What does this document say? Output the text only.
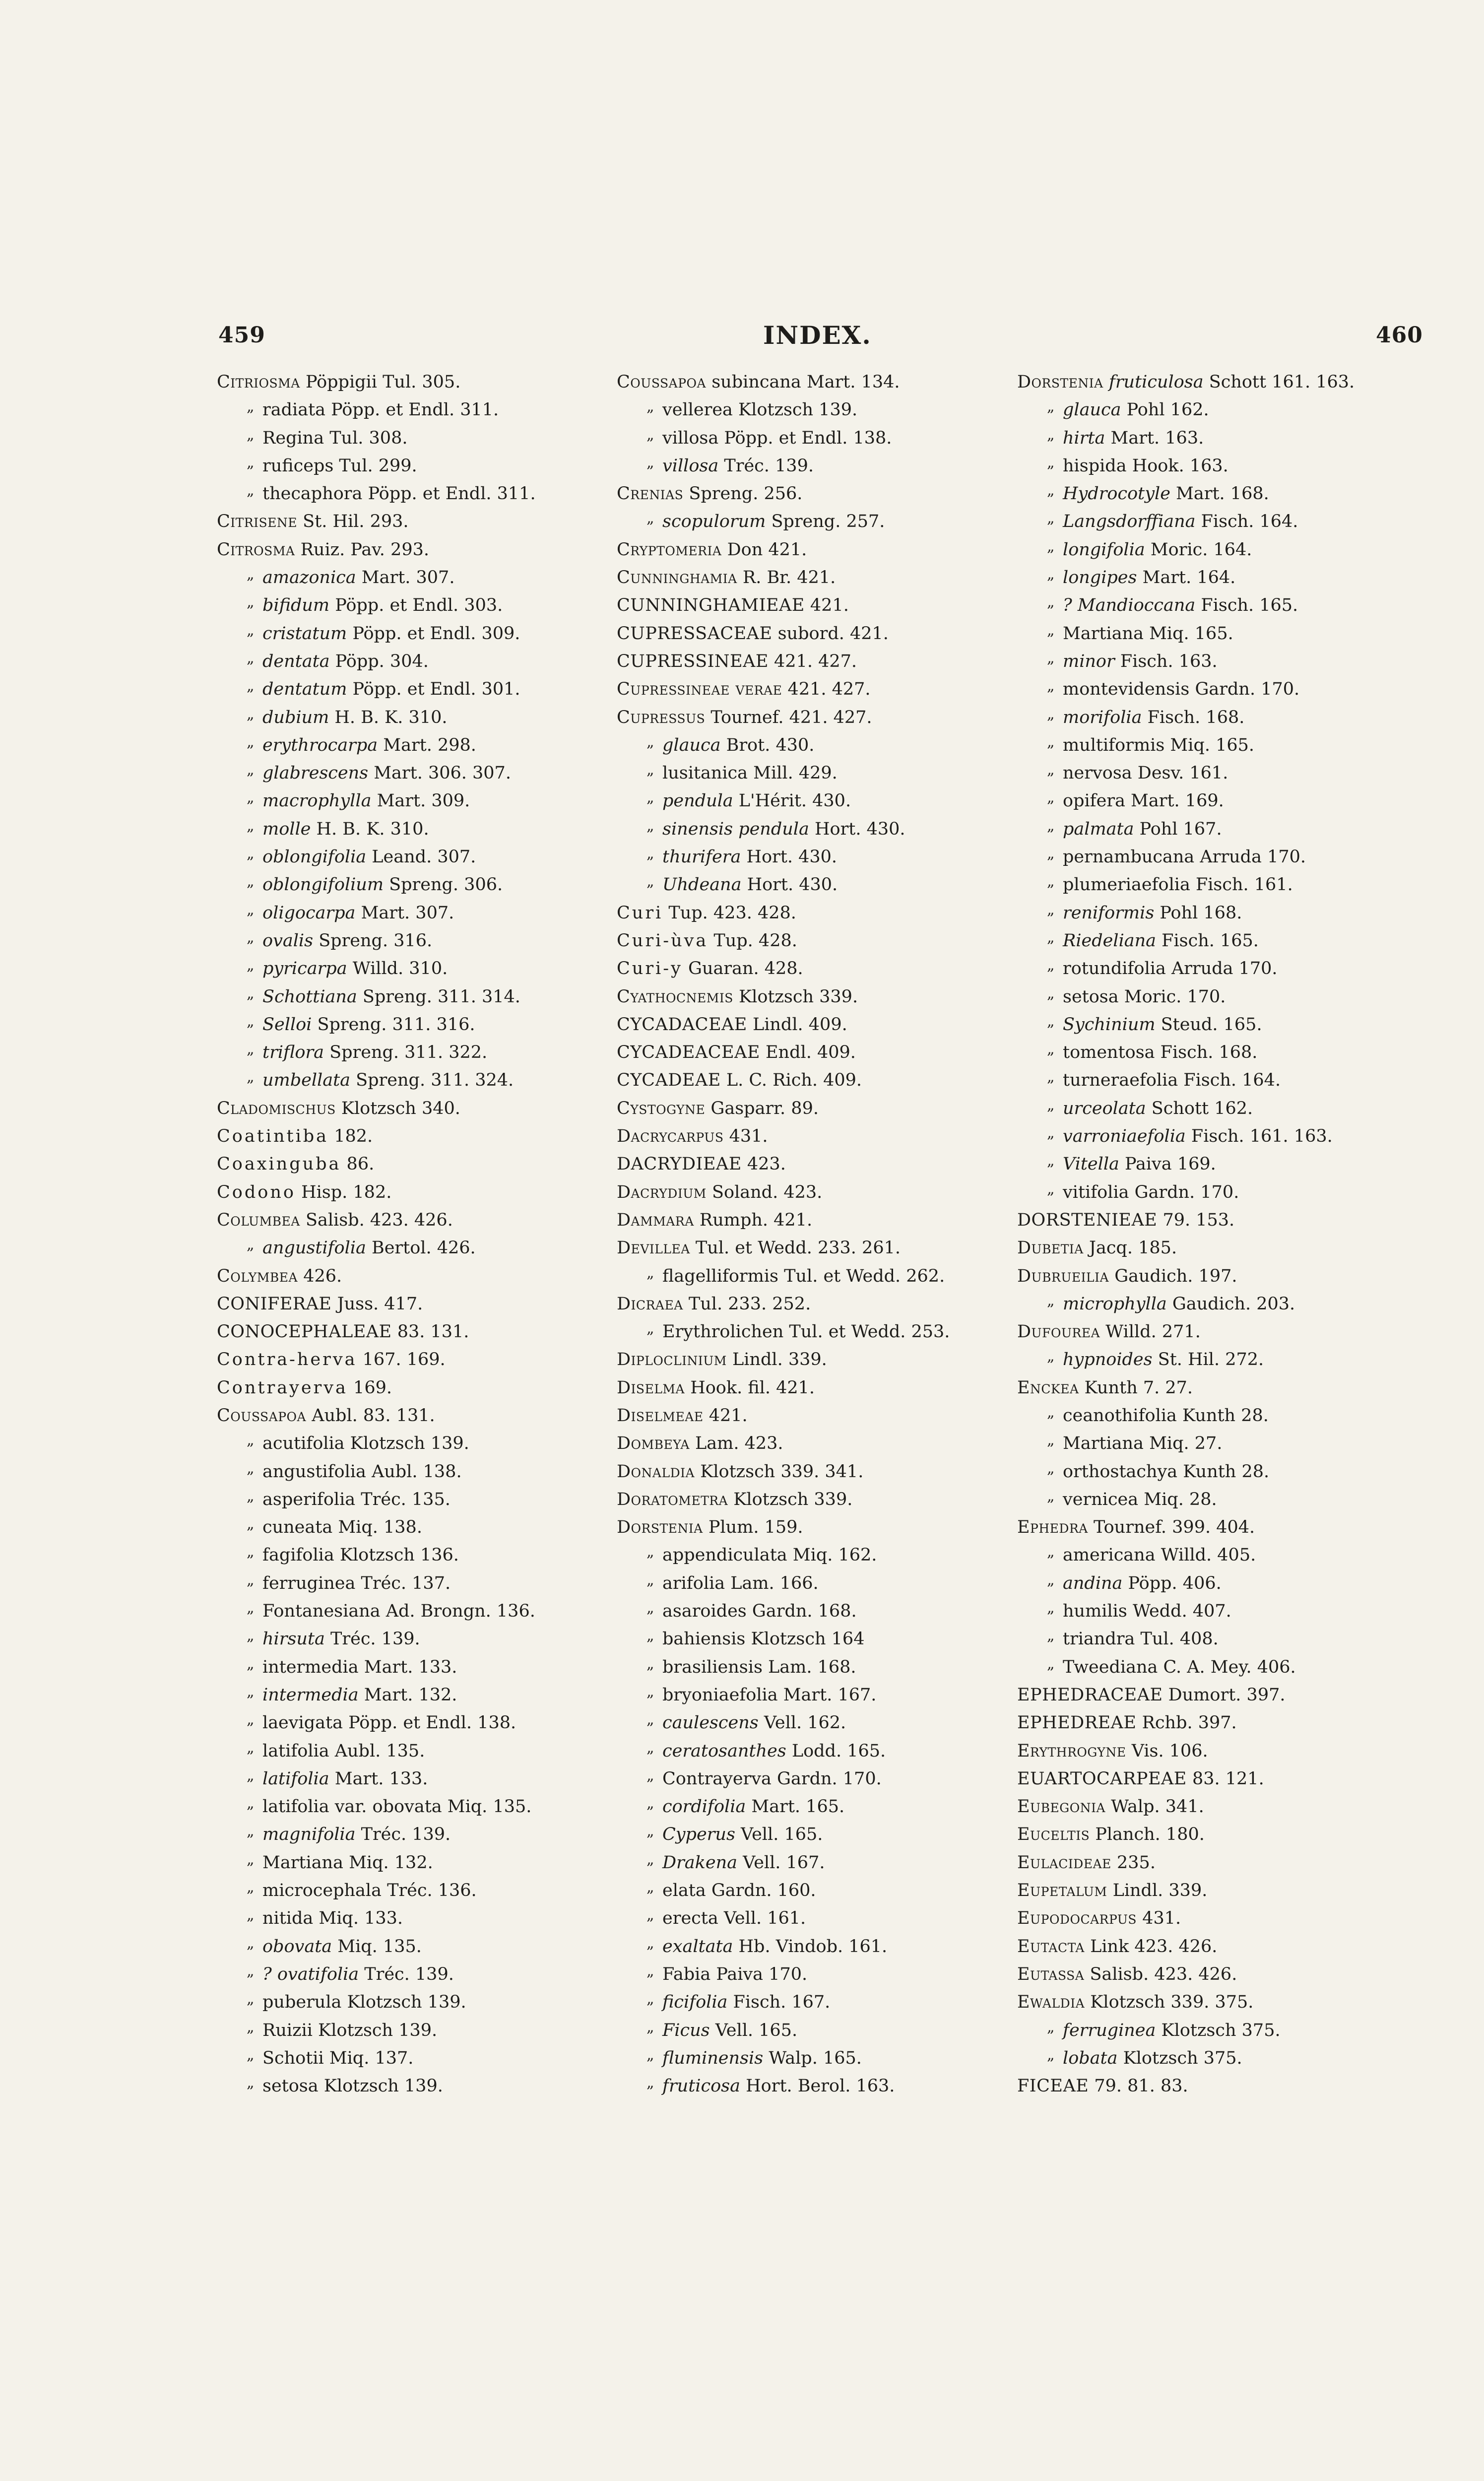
459	INDEX.	460
Citriosma Pöppigii Tul. 305.
„ radiata Pöpp. et Endl. 311.
„ Regina Tul. 308.
„ ruficeps Tul. 299.
„ thecaphora Pöpp. et Endl. 311.
Citrisene St. Hil. 293.
Citrosma Ruiz. Pav. 293.
„ amazonica Mart. 307.
„ bifidum Pöpp. et Endl. 303.
„ cristatum Pöpp. et Endl. 309.
„ dentata Pöpp. 304.
„ dentatum Pöpp. et Endl. 301.
„ dubium H. B. K. 310.
„ erythrocarpa Mart. 298.
„ glabrescens Mart. 306. 307.
„ macrophylla Mart. 309.
„ molle H. B. K. 310.
„ oblongifolia Leand. 307.
„ oblongifolium Spreng. 306.
„ oligocarpa Mart. 307.
„ ovalis Spreng. 316.
„ pyricarpa Willd. 310.
„ Schottiana Spreng. 311. 314.
„ Selloi Spreng. 311. 316.
„ triflora Spreng. 311. 322.
„ umbellata Spreng. 311. 324.
Cladomischus Klotzsch 340.
Coatintiba 182.
Coaxinguba 86.
Codono Hisp. 182.
Columbea Salisb. 423. 426.
„ angustifolia Bertol. 426.
Colymbea 426.
CONIFERAE Juss. 417.
CONOCEPHALEAE 83. 131.
Contra-herva 167. 169.
Contrayerva 169.
Coussapoa Aubl. 83. 131.
„ acutifolia Klotzsch 139.
„ angustifolia Aubl. 138.
„ asperifolia Tréc. 135.
„ cuneata Miq. 138.
„ fagifolia Klotzsch 136.
„ ferruginea Tréc. 137.
„ Fontanesiana Ad. Brongn. 136.
„ hirsuta Tréc. 139.
„ intermedia Mart. 133.
„ intermedia Mart. 132.
„ laevigata Pöpp. et Endl. 138.
„ latifolia Aubl. 135.
„ latifolia Mart. 133.
„ latifolia var. obovata Miq. 135.
„ magnifolia Tréc. 139.
„ Martiana Miq. 132.
„ microcephala Tréc. 136.
„ nitida Miq. 133.
„ obovata Miq. 135.
„ ? ovatifolia Tréc. 139.
„ puberula Klotzsch 139.
„ Ruizii Klotzsch 139.
„ Schotii Miq. 137.
„ setosa Klotzsch 139.
Coussapoa subincana Mart. 134.
„ vellerea Klotzsch 139.
„ villosa Pöpp. et Endl. 138.
„ villosa Tréc. 139.
Crenias Spreng. 256.
„ scopulorum Spreng. 257.
Cryptomeria Don 421.
Cunninghamia R. Br. 421.
CUNNINGHAMIEAE 421.
CUPRESSACEAE subord. 421.
CUPRESSINEAE 421. 427.
Cupressineae verae 421. 427.
Cupressus Tournef. 421. 427.
„ glauca Brot. 430.
„ lusitanica Mill. 429.
„ pendula L'Hérit. 430.
„ sinensis pendula Hort. 430.
„ thurifera Hort. 430.
„ Uhdeana Hort. 430.
Curi Tup. 423. 428.
Curi-ùva Tup. 428.
Curi-y Guaran. 428.
Cyathocnemis Klotzsch 339.
CYCADACEAE Lindl. 409.
CYCADEACEAE Endl. 409.
CYCADEAE L. C. Rich. 409.
Cystogyne Gasparr. 89.
Dacrycarpus 431.
DACRYDIEAE 423.
Dacrydium Soland. 423.
Dammara Rumph. 421.
Devillea Tul. et Wedd. 233. 261.
„ flagelliformis Tul. et Wedd. 262.
Dicraea Tul. 233. 252.
„ Erythrolichen Tul. et Wedd. 253.
Diploclinium Lindl. 339.
Diselma Hook. fil. 421.
Diselmeae 421.
Dombeya Lam. 423.
Donaldia Klotzsch 339. 341.
Doratometra Klotzsch 339.
Dorstenia Plum. 159.
„ appendiculata Miq. 162.
„ arifolia Lam. 166.
„ asaroides Gardn. 168.
„ bahiensis Klotzsch 164
„ brasiliensis Lam. 168.
„ bryoniaefolia Mart. 167.
„ caulescens Vell. 162.
„ ceratosanthes Lodd. 165.
„ Contrayerva Gardn. 170.
„ cordifolia Mart. 165.
„ Cyperus Vell. 165.
„ Drakena Vell. 167.
„ elata Gardn. 160.
„ erecta Vell. 161.
„ exaltata Hb. Vindob. 161.
„ Fabia Paiva 170.
„ ficifolia Fisch. 167.
„ Ficus Vell. 165.
„ fluminensis Walp. 165.
„ fruticosa Hort. Berol. 163.
Dorstenia fruticulosa Schott 161. 163.
„ glauca Pohl 162.
„ hirta Mart. 163.
„ hispida Hook. 163.
„ Hydrocotyle Mart. 168.
„ Langsdorffiana Fisch. 164.
„ longifolia Moric. 164.
„ longipes Mart. 164.
„ ? Mandioccana Fisch. 165.
„ Martiana Miq. 165.
„ minor Fisch. 163.
„ montevidensis Gardn. 170.
„ morifolia Fisch. 168.
„ multiformis Miq. 165.
„ nervosa Desv. 161.
„ opifera Mart. 169.
„ palmata Pohl 167.
„ pernambucana Arruda 170.
„ plumeriaefolia Fisch. 161.
„ reniformis Pohl 168.
„ Riedeliana Fisch. 165.
„ rotundifolia Arruda 170.
„ setosa Moric. 170.
„ Sychinium Steud. 165.
„ tomentosa Fisch. 168.
„ turneraefolia Fisch. 164.
„ urceolata Schott 162.
„ varroniaefolia Fisch. 161. 163.
„ Vitella Paiva 169.
„ vitifolia Gardn. 170.
DORSTENIEAE 79. 153.
Dubetia Jacq. 185.
Dubrueilia Gaudich. 197.
„ microphylla Gaudich. 203.
Dufourea Willd. 271.
„ hypnoides St. Hil. 272.
Enckea Kunth 7. 27.
„ ceanothifolia Kunth 28.
„ Martiana Miq. 27.
„ orthostachya Kunth 28.
„ vernicea Miq. 28.
Ephedra Tournef. 399. 404.
„ americana Willd. 405.
„ andina Pöpp. 406.
„ humilis Wedd. 407.
„ triandra Tul. 408.
„ Tweediana C. A. Mey. 406.
EPHEDRACEAE Dumort. 397.
EPHEDREAE Rchb. 397.
Erythrogyne Vis. 106.
EUARTOCARPEAE 83. 121.
Eubegonia Walp. 341.
Euceltis Planch. 180.
Eulacideae 235.
Eupetalum Lindl. 339.
Eupodocarpus 431.
Eutacta Link 423. 426.
Eutassa Salisb. 423. 426.
Ewaldia Klotzsch 339. 375.
„ ferruginea Klotzsch 375.
„ lobata Klotzsch 375.
FICEAE 79. 81. 83.
